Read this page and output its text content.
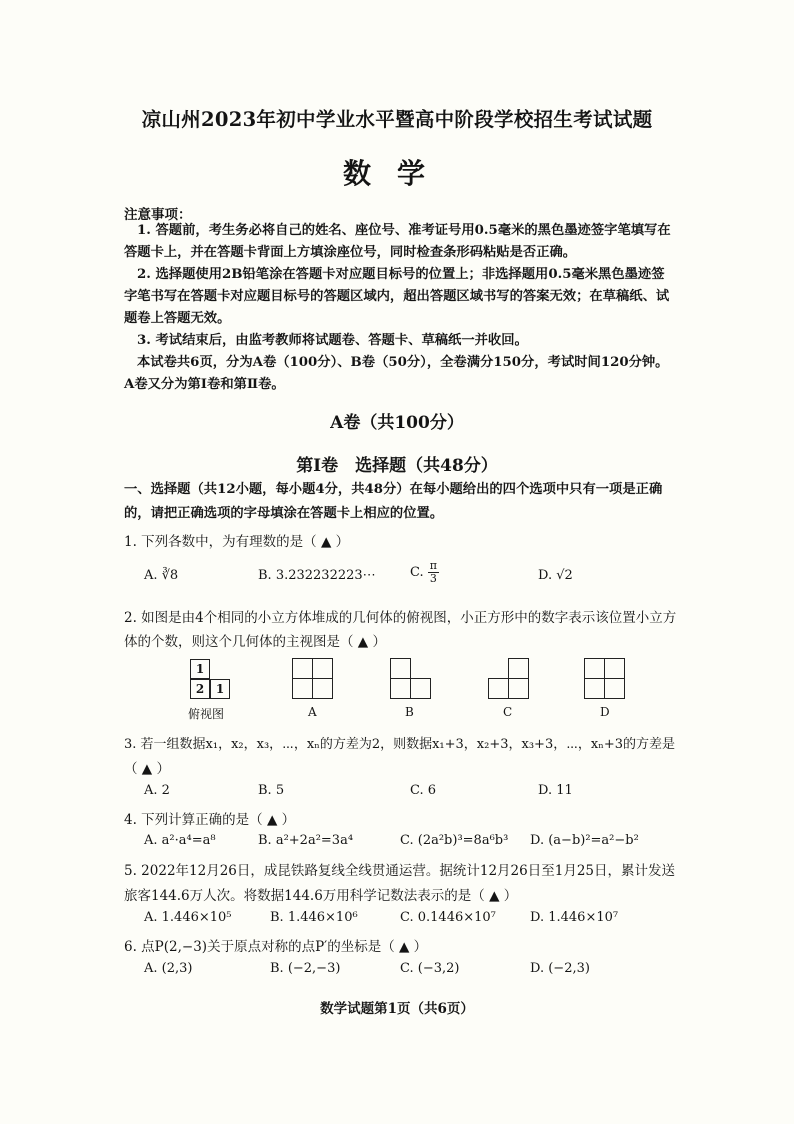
凉山州2023年初中学业水平暨高中阶段学校招生考试试题
数学
注意事项：

1. 答题前，考生务必将自己的姓名、座位号、准考证号用0.5毫米的黑色墨迹签字笔填写在答题卡上，并在答题卡背面上方填涂座位号，同时检查条形码粘贴是否正确。

2. 选择题使用2B铅笔涂在答题卡对应题目标号的位置上；非选择题用0.5毫米黑色墨迹签字笔书写在答题卡对应题目标号的答题区域内，超出答题区域书写的答案无效；在草稿纸、试题卷上答题无效。

3. 考试结束后，由监考教师将试题卷、答题卡、草稿纸一并收回。

本试卷共6页，分为A卷（100分）、B卷（50分），全卷满分150分，考试时间120分钟。A卷又分为第Ⅰ卷和第Ⅱ卷。

A卷（共100分）
第Ⅰ卷　选择题（共48分）
一、选择题（共12小题，每小题4分，共48分）在每小题给出的四个选项中只有一项是正确的，请把正确选项的字母填涂在答题卡上相应的位置。
1. 下列各数中，为有理数的是（ ▲ ）
A. ∛8	B. 3.232232223⋯	C. $\frac{\pi}{3}$	D. √2
2. 如图是由4个相同的小立方体堆成的几何体的俯视图，小正方形中的数字表示该位置小立方
体的个数，则这个几何体的主视图是（ ▲ ）
1
2 1
俯视图	A	B	C	D
3. 若一组数据x₁，x₂，x₃，⋯，xₙ的方差为2，则数据x₁+3，x₂+3，x₃+3，⋯，xₙ+3的方差是
（ ▲ ）
A. 2	B. 5	C. 6	D. 11
4. 下列计算正确的是（ ▲ ）
A. a²·a⁴=a⁸	B. a²+2a²=3a⁴	C. (2a²b)³=8a⁶b³ D. (a−b)²=a²−b²
5. 2022年12月26日，成昆铁路复线全线贯通运营。据统计12月26日至1月25日，累计发送
旅客144.6万人次。将数据144.6万用科学记数法表示的是（ ▲ ）
A. 1.446×10⁵	B. 1.446×10⁶	C. 0.1446×10⁷	D. 1.446×10⁷
6. 点P(2,−3)关于原点对称的点P′的坐标是（ ▲ ）
A. (2,3)	B. (−2,−3)	C. (−3,2)	D. (−2,3)
数学试题第1页（共6页）
